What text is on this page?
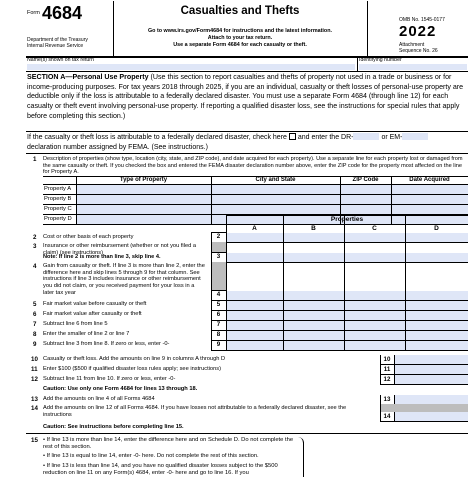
Form 4684
Department of the Treasury
Internal Revenue Service
Casualties and Thefts
Go to www.irs.gov/Form4684 for instructions and the latest information.
Attach to your tax return.
Use a separate Form 4684 for each casualty or theft.
OMB No. 1545-0177
2022
Attachment
Sequence No. 26
Name(s) shown on tax return	Identifying number
SECTION A—Personal Use Property (Use this section to report casualties and thefts of property not used in a trade or business or for income-producing purposes. For tax years 2018 through 2025, if you are an individual, casualty or theft losses of personal-use property are deductible only if the loss is attributable to a federally declared disaster. You must use a separate Form 4684 (through line 12) for each casualty or theft event involving personal-use property. If reporting a qualified disaster loss, see the instructions for special rules that apply before completing this section.)
If the casualty or theft loss is attributable to a federally declared disaster, check here and enter the DR-	or EM-
declaration number assigned by FEMA. (See instructions.)
1 Description of properties (show type, location (city, state, and ZIP code), and date acquired for each property). Use a separate line for each property lost or damaged from the same casualty or theft. If you checked the box and entered the FEMA disaster declaration number above, enter the ZIP code for the property most affected on the line for Property A.
Type of Property	City and State	ZIP Code	Date Acquired
Property A
Property B
Property C
Property D	Properties
A	B	C	D
2 Cost or other basis of each property	2
3 Insurance or other reimbursement (whether or not you filed a claim) (see instructions)
Note: If line 2 is more than line 3, skip line 4.	3
4 Gain from casualty or theft. If line 3 is more than line 2, enter the difference here and skip lines 5 through 9 for that column. See instructions if line 3 includes insurance or other reimbursement you did not claim, or you received payment for your loss in a later tax year	4
5 Fair market value before casualty or theft	5
6 Fair market value after casualty or theft	6
7 Subtract line 6 from line 5	7
8 Enter the smaller of line 2 or line 7	8
9 Subtract line 3 from line 8. If zero or less, enter -0-	9
10 Casualty or theft loss. Add the amounts on line 9 in columns A through D	10
11 Enter $100 ($500 if qualified disaster loss rules apply; see instructions)	11
12 Subtract line 11 from line 10. If zero or less, enter -0-	12
Caution: Use only one Form 4684 for lines 13 through 18.
13 Add the amounts on line 4 of all Forms 4684	13
14 Add the amounts on line 12 of all Forms 4684. If you have losses not attributable to a federally declared disaster, see the instructions	14
Caution: See instructions before completing line 15.
15 • If line 13 is more than line 14, enter the difference here and on Schedule D. Do not complete the rest of this section.
• If line 13 is equal to line 14, enter -0- here. Do not complete the rest of this section.
• If line 13 is less than line 14, and you have no qualified disaster losses subject to the $500 reduction on line 11 on any Form(s) 4684, enter -0- here and go to line 16. If you
